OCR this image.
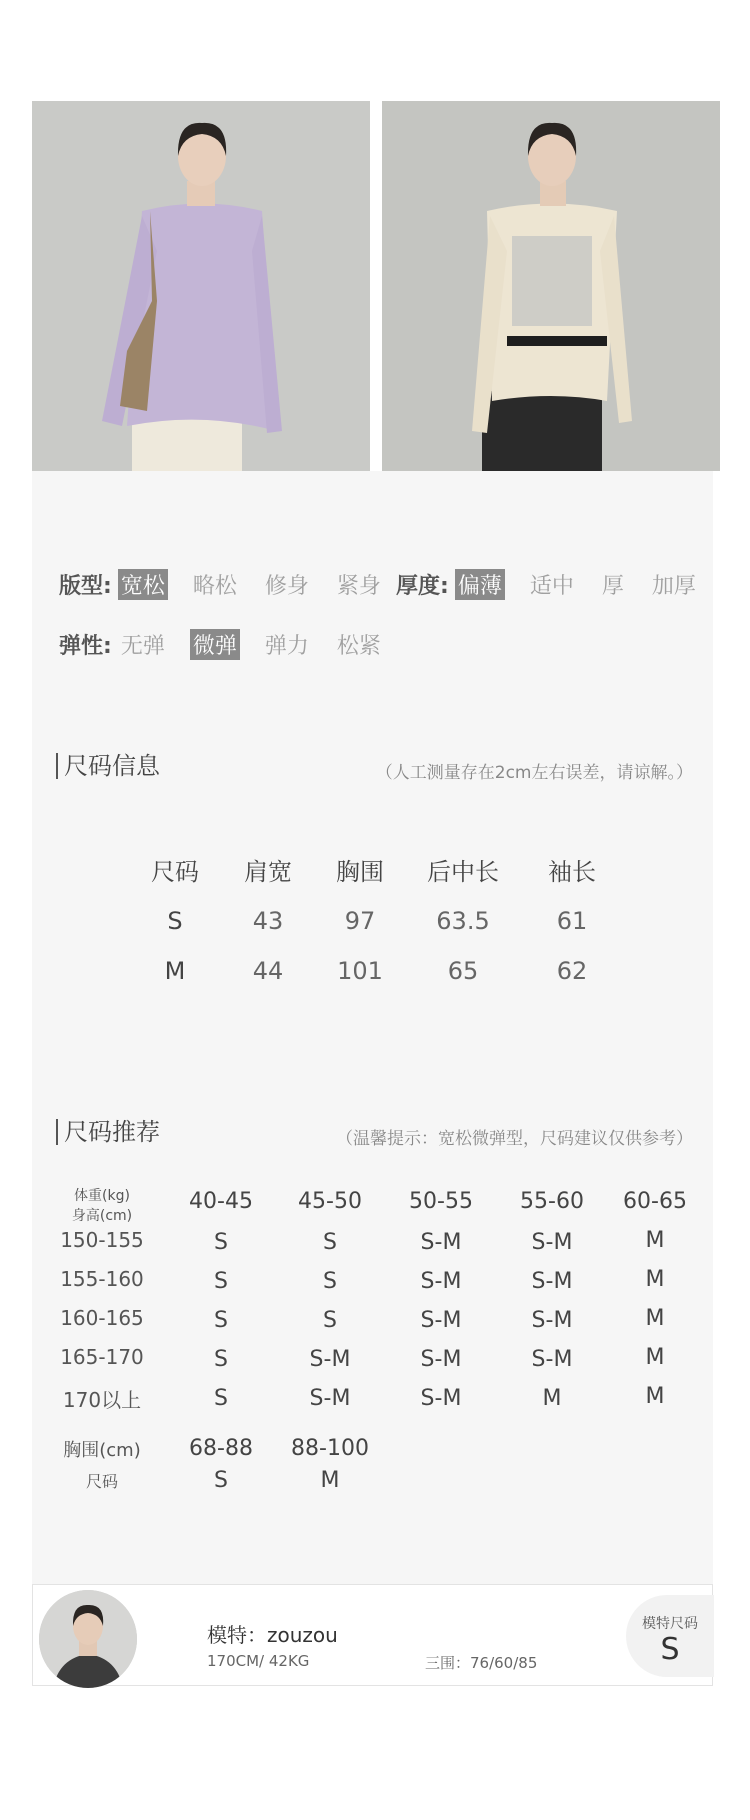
版型: 宽松 略松 修身 紧身 厚度: 偏薄 适中 厚 加厚
弹性: 无弹 微弹 弹力 松紧
尺码信息	（人工测量存在2cm左右误差，请谅解。）
尺码	肩宽	胸围	后中长	袖长
S	43	97	63.5	61
M	44	101	65	62
尺码推荐	（温馨提示：宽松微弹型，尺码建议仅供参考）
体重(kg)
身高(cm)
40-45	45-50	50-55	55-60	60-65
150-155	S	S	S-M	S-M	M
155-160	S	S	S-M	S-M	M
160-165	S	S	S-M	S-M	M
165-170	S	S-M	S-M	S-M	M
170以上	S	S-M	S-M	M	M
胸围(cm)	68-88	88-100
尺码	S	M
模特：zouzou
170CM/ 42KG	三围：76/60/85
模特尺码
S
